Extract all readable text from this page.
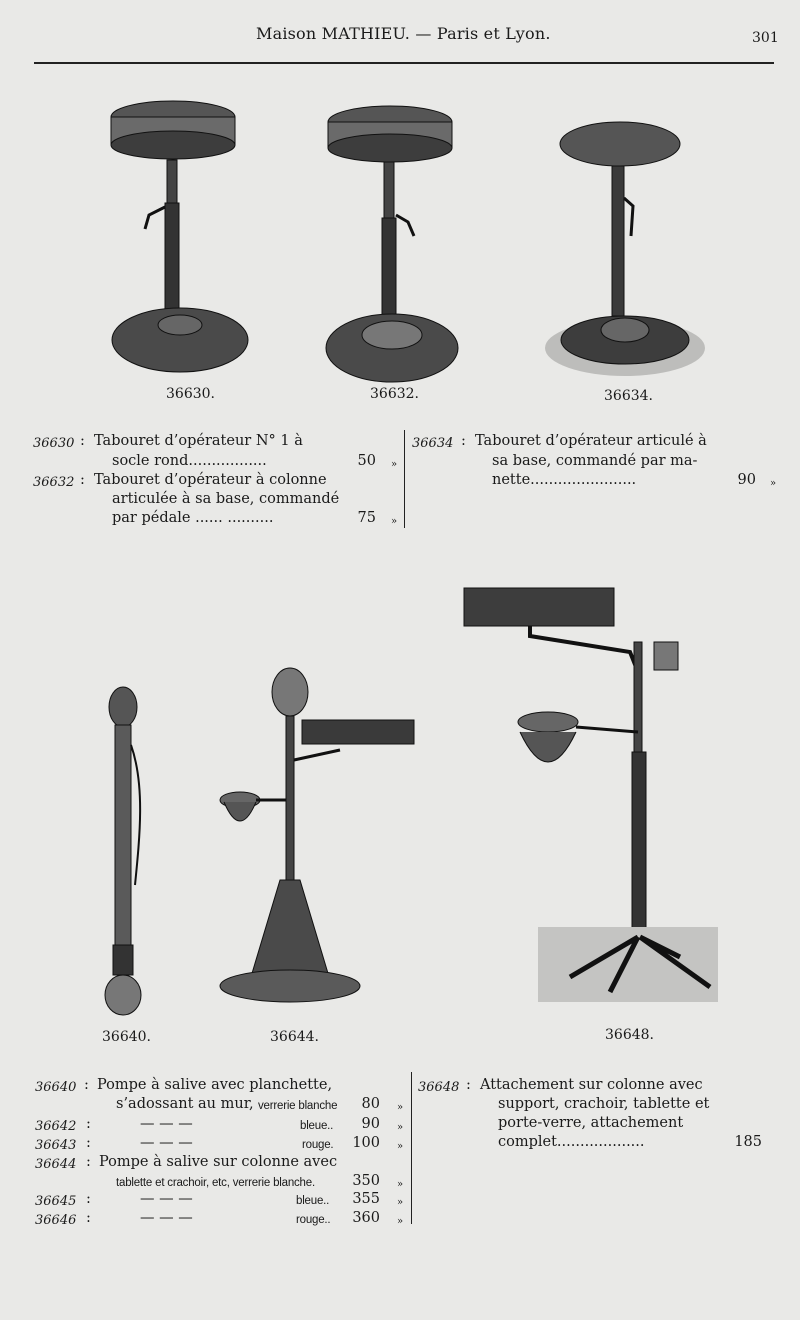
Maison MATHIEU. — Paris et Lyon.	301
36630.	36632.	36634.
36630 : Tabouret d’opérateur N° 1 à
socle rond.................	50 »
36632 : Tabouret d’opérateur à colonne
articulée à sa base, commandé
par pédale ...... ..........	75 »
36634 : Tabouret d’opérateur articulé à
sa base, commandé par ma-
nette.......................	90 »
36640.	36644.	36648.
36640 : Pompe à salive avec planchette,
s’adossant au mur, verrerie blanche	80 »
36642 :	— — —	bleue..	90 »
36643 :	— — —	rouge.	100 »
36644 : Pompe à salive sur colonne avec
tablette et crachoir, etc, verrerie blanche.	350 »
36645 :	— — —	bleue..	355 »
36646 :	— — —	rouge..	360 »
36648 : Attachement sur colonne avec
support, crachoir, tablette et
porte-verre, attachement
complet...................	185
